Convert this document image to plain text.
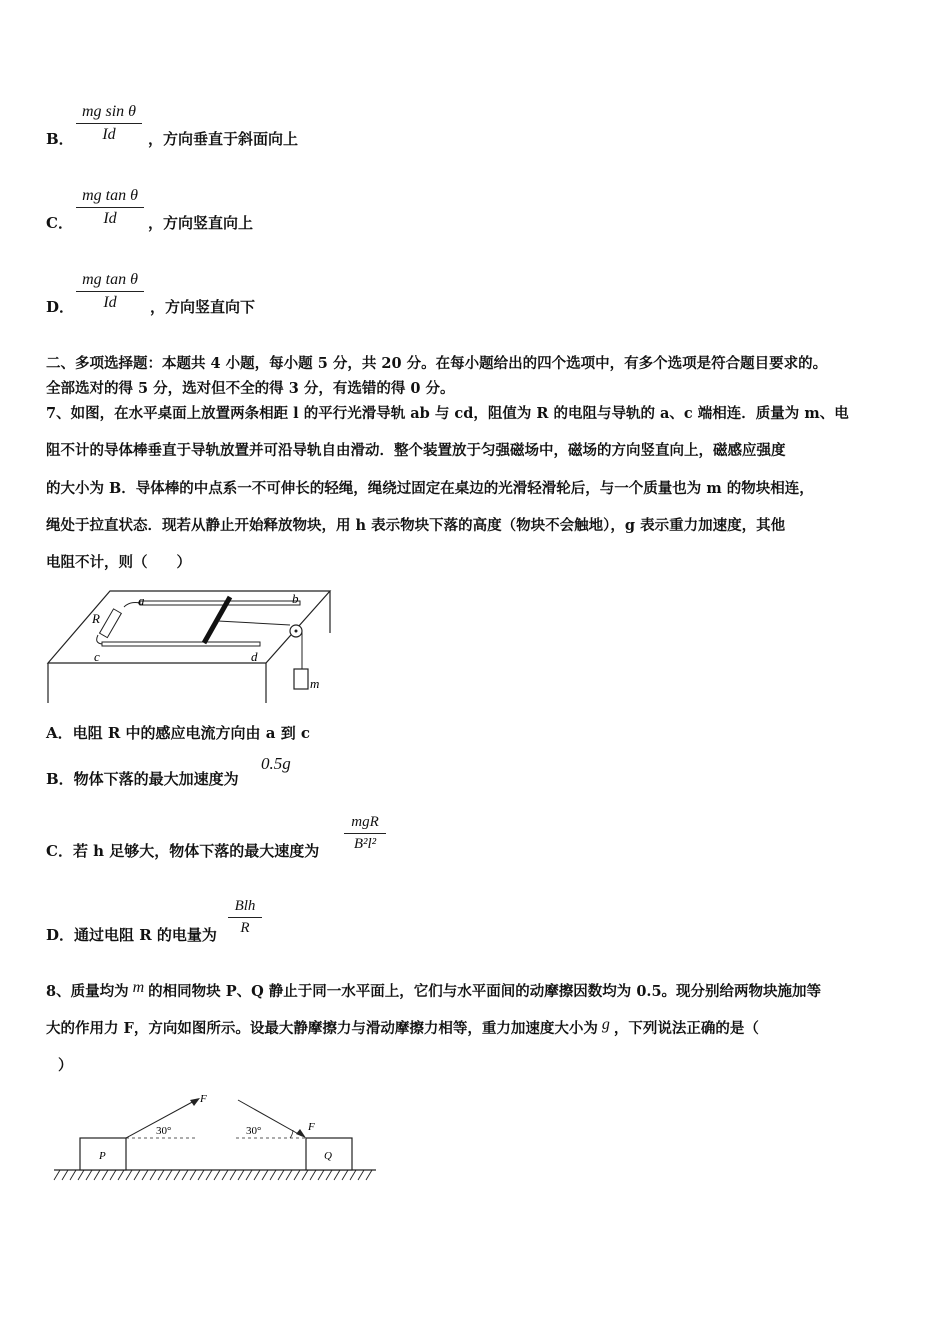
B．
mg sin θ
Id	，方向垂直于斜面向上
C．
mg tan θ
Id	，方向竖直向上
D．
mg tan θ
Id	，方向竖直向下
二、多项选择题：本题共 4 小题，每小题 5 分，共 20 分。在每小题给出的四个选项中，有多个选项是符合题目要求的。
全部选对的得 5 分，选对但不全的得 3 分，有选错的得 0 分。
7、如图，在水平桌面上放置两条相距 l 的平行光滑导轨 ab 与 cd，阻值为 R 的电阻与导轨的 a、c 端相连．质量为 m、电
阻不计的导体棒垂直于导轨放置并可沿导轨自由滑动．整个装置放于匀强磁场中，磁场的方向竖直向上，磁感应强度
的大小为 B．导体棒的中点系一不可伸长的轻绳，绳绕过固定在桌边的光滑轻滑轮后，与一个质量也为 m 的物块相连，
绳处于拉直状态．现若从静止开始释放物块，用 h 表示物块下落的高度（物块不会触地），g 表示重力加速度，其他
电阻不计，则（　　）
a	b
c	d
R
m
A．电阻 R 中的感应电流方向由 a 到 c
B．物体下落的最大加速度为
0.5g
C．若 h 足够大，物体下落的最大速度为
mgR
B²l²
D．通过电阻 R 的电量为
Blh
R
8、质量均为 m 的相同物块 P、Q 静止于同一水平面上，它们与水平面间的动摩擦因数均为 0.5。现分别给两物块施加等
大的作用力 F，方向如图所示。设最大静摩擦力与滑动摩擦力相等，重力加速度大小为 g ，下列说法正确的是（
）
P
F
30°
Q
F
30°
